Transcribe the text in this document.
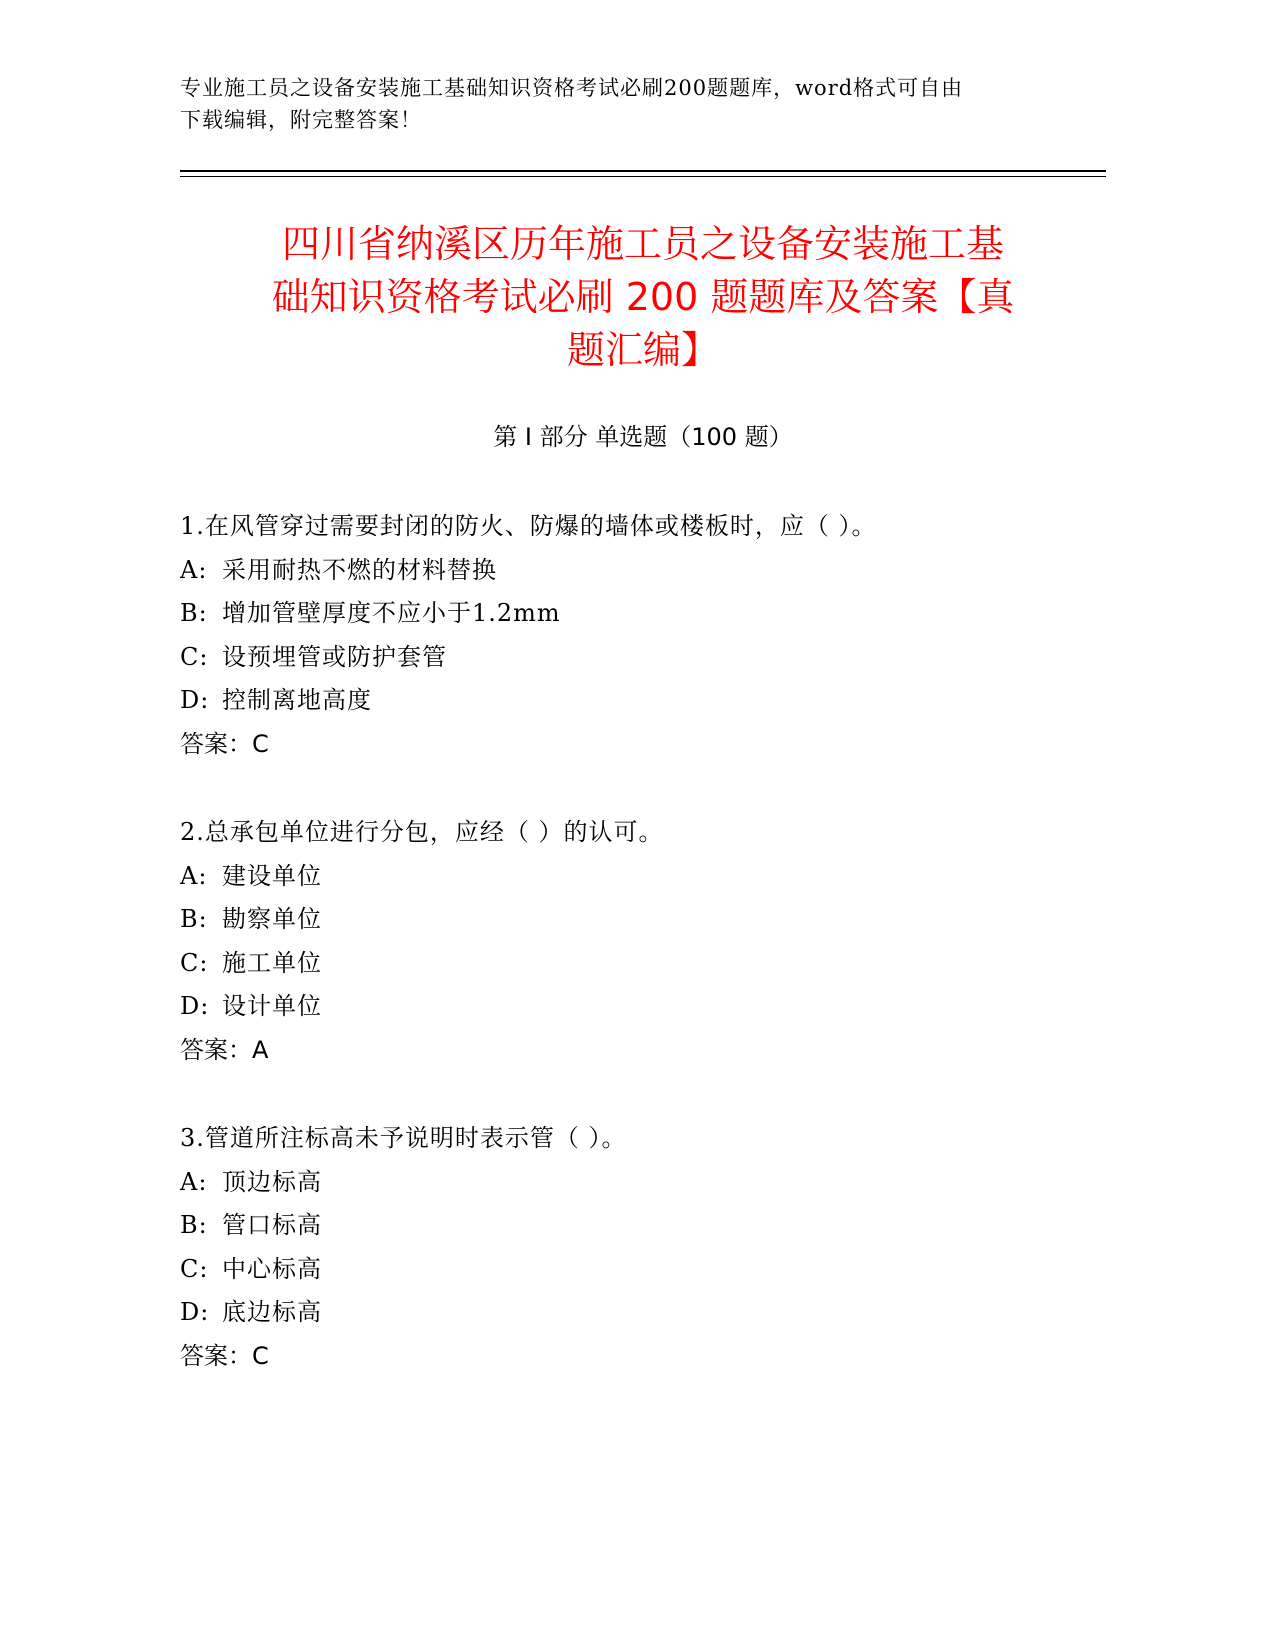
专业施工员之设备安装施工基础知识资格考试必刷200题题库，word格式可自由
下载编辑，附完整答案！
四川省纳溪区历年施工员之设备安装施工基
础知识资格考试必刷 200 题题库及答案【真
题汇编】
第 I 部分 单选题（100 题）
1.在风管穿过需要封闭的防火、防爆的墙体或楼板时，应（ ）。
A: 采用耐热不燃的材料替换
B: 增加管壁厚度不应小于1.2mm
C: 设预埋管或防护套管
D: 控制离地高度
答案：C
2.总承包单位进行分包，应经（ ）的认可。
A: 建设单位
B: 勘察单位
C: 施工单位
D: 设计单位
答案：A
3.管道所注标高未予说明时表示管（ ）。
A: 顶边标高
B: 管口标高
C: 中心标高
D: 底边标高
答案：C
